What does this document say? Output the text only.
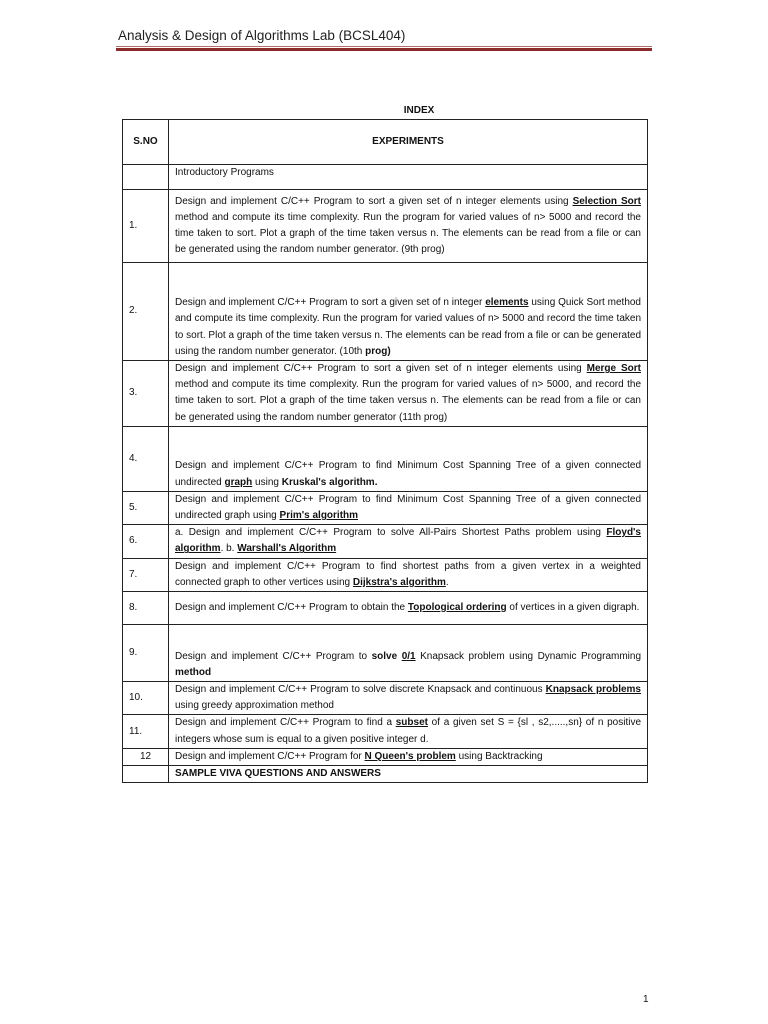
Analysis & Design of Algorithms Lab (BCSL404)
INDEX
S.NO	EXPERIMENTS
	Introductory Programs
1.	Design and implement C/C++ Program to sort a given set of n integer elements using Selection Sort method and compute its time complexity. Run the program for varied values of n> 5000 and record the time taken to sort. Plot a graph of the time taken versus n. The elements can be read from a file or can be generated using the random number generator. (9th prog)
2.	Design and implement C/C++ Program to sort a given set of n integer elements using Quick Sort method and compute its time complexity. Run the program for varied values of n> 5000 and record the time taken to sort. Plot a graph of the time taken versus n. The elements can be read from a file or can be generated using the random number generator. (10th prog)
3.	Design and implement C/C++ Program to sort a given set of n integer elements using Merge Sort method and compute its time complexity. Run the program for varied values of n> 5000, and record the time taken to sort. Plot a graph of the time taken versus n. The elements can be read from a file or can be generated using the random number generator (11th prog)
4.	Design and implement C/C++ Program to find Minimum Cost Spanning Tree of a given connected undirected graph using Kruskal's algorithm.
5.	Design and implement C/C++ Program to find Minimum Cost Spanning Tree of a given connected undirected graph using Prim's algorithm
6.	a. Design and implement C/C++ Program to solve All-Pairs Shortest Paths problem using Floyd's algorithm. b. Warshall's Algorithm
7.	Design and implement C/C++ Program to find shortest paths from a given vertex in a weighted connected graph to other vertices using Dijkstra's algorithm.
8.	Design and implement C/C++ Program to obtain the Topological ordering of vertices in a given digraph.
9.	Design and implement C/C++ Program to solve 0/1 Knapsack problem using Dynamic Programming method
10.	Design and implement C/C++ Program to solve discrete Knapsack and continuous Knapsack problems using greedy approximation method
11.	Design and implement C/C++ Program to find a subset of a given set S = {sl , s2,.....,sn} of n positive integers whose sum is equal to a given positive integer d.
12	Design and implement C/C++ Program for N Queen's problem using Backtracking
	SAMPLE VIVA QUESTIONS AND ANSWERS
1
